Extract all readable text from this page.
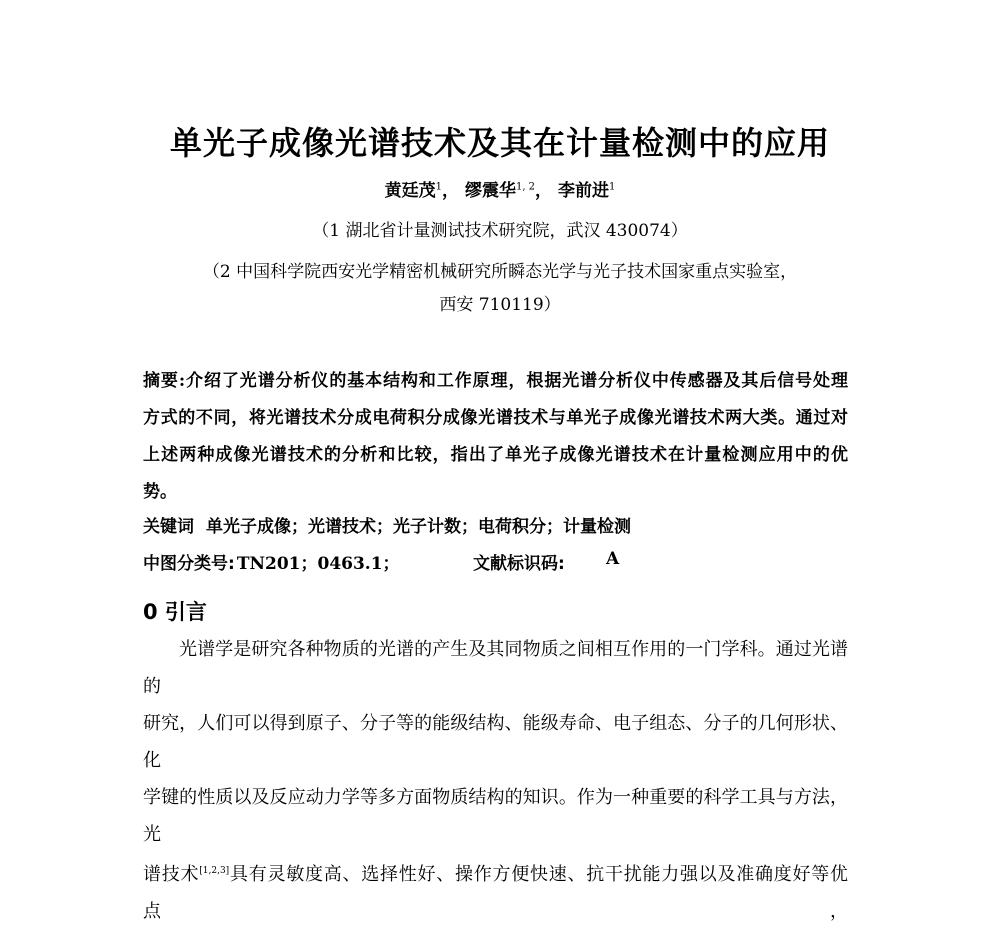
单光子成像光谱技术及其在计量检测中的应用
黄廷茂$^1$， 缪震华$^{1, 2}$， 李前进$^1$
（1 湖北省计量测试技术研究院，武汉 430074）
（2 中国科学院西安光学精密机械研究所瞬态光学与光子技术国家重点实验室，
西安 710119）
摘要:介绍了光谱分析仪的基本结构和工作原理，根据光谱分析仪中传感器及其后信号处理
方式的不同，将光谱技术分成电荷积分成像光谱技术与单光子成像光谱技术两大类。通过对
上述两种成像光谱技术的分析和比较，指出了单光子成像光谱技术在计量检测应用中的优
势。
关键词 单光子成像；光谱技术；光子计数；电荷积分；计量检测
中图分类号: TN201；0463.1；	文献标识码: A
0 引言
光谱学是研究各种物质的光谱的产生及其同物质之间相互作用的一门学科。通过光谱的
研究，人们可以得到原子、分子等的能级结构、能级寿命、电子组态、分子的几何形状、化
学键的性质以及反应动力学等多方面物质结构的知识。作为一种重要的科学工具与方法，光
谱技术[1,2,3]具有灵敏度高、选择性好、操作方便快速、抗干扰能力强以及准确度好等优点，
